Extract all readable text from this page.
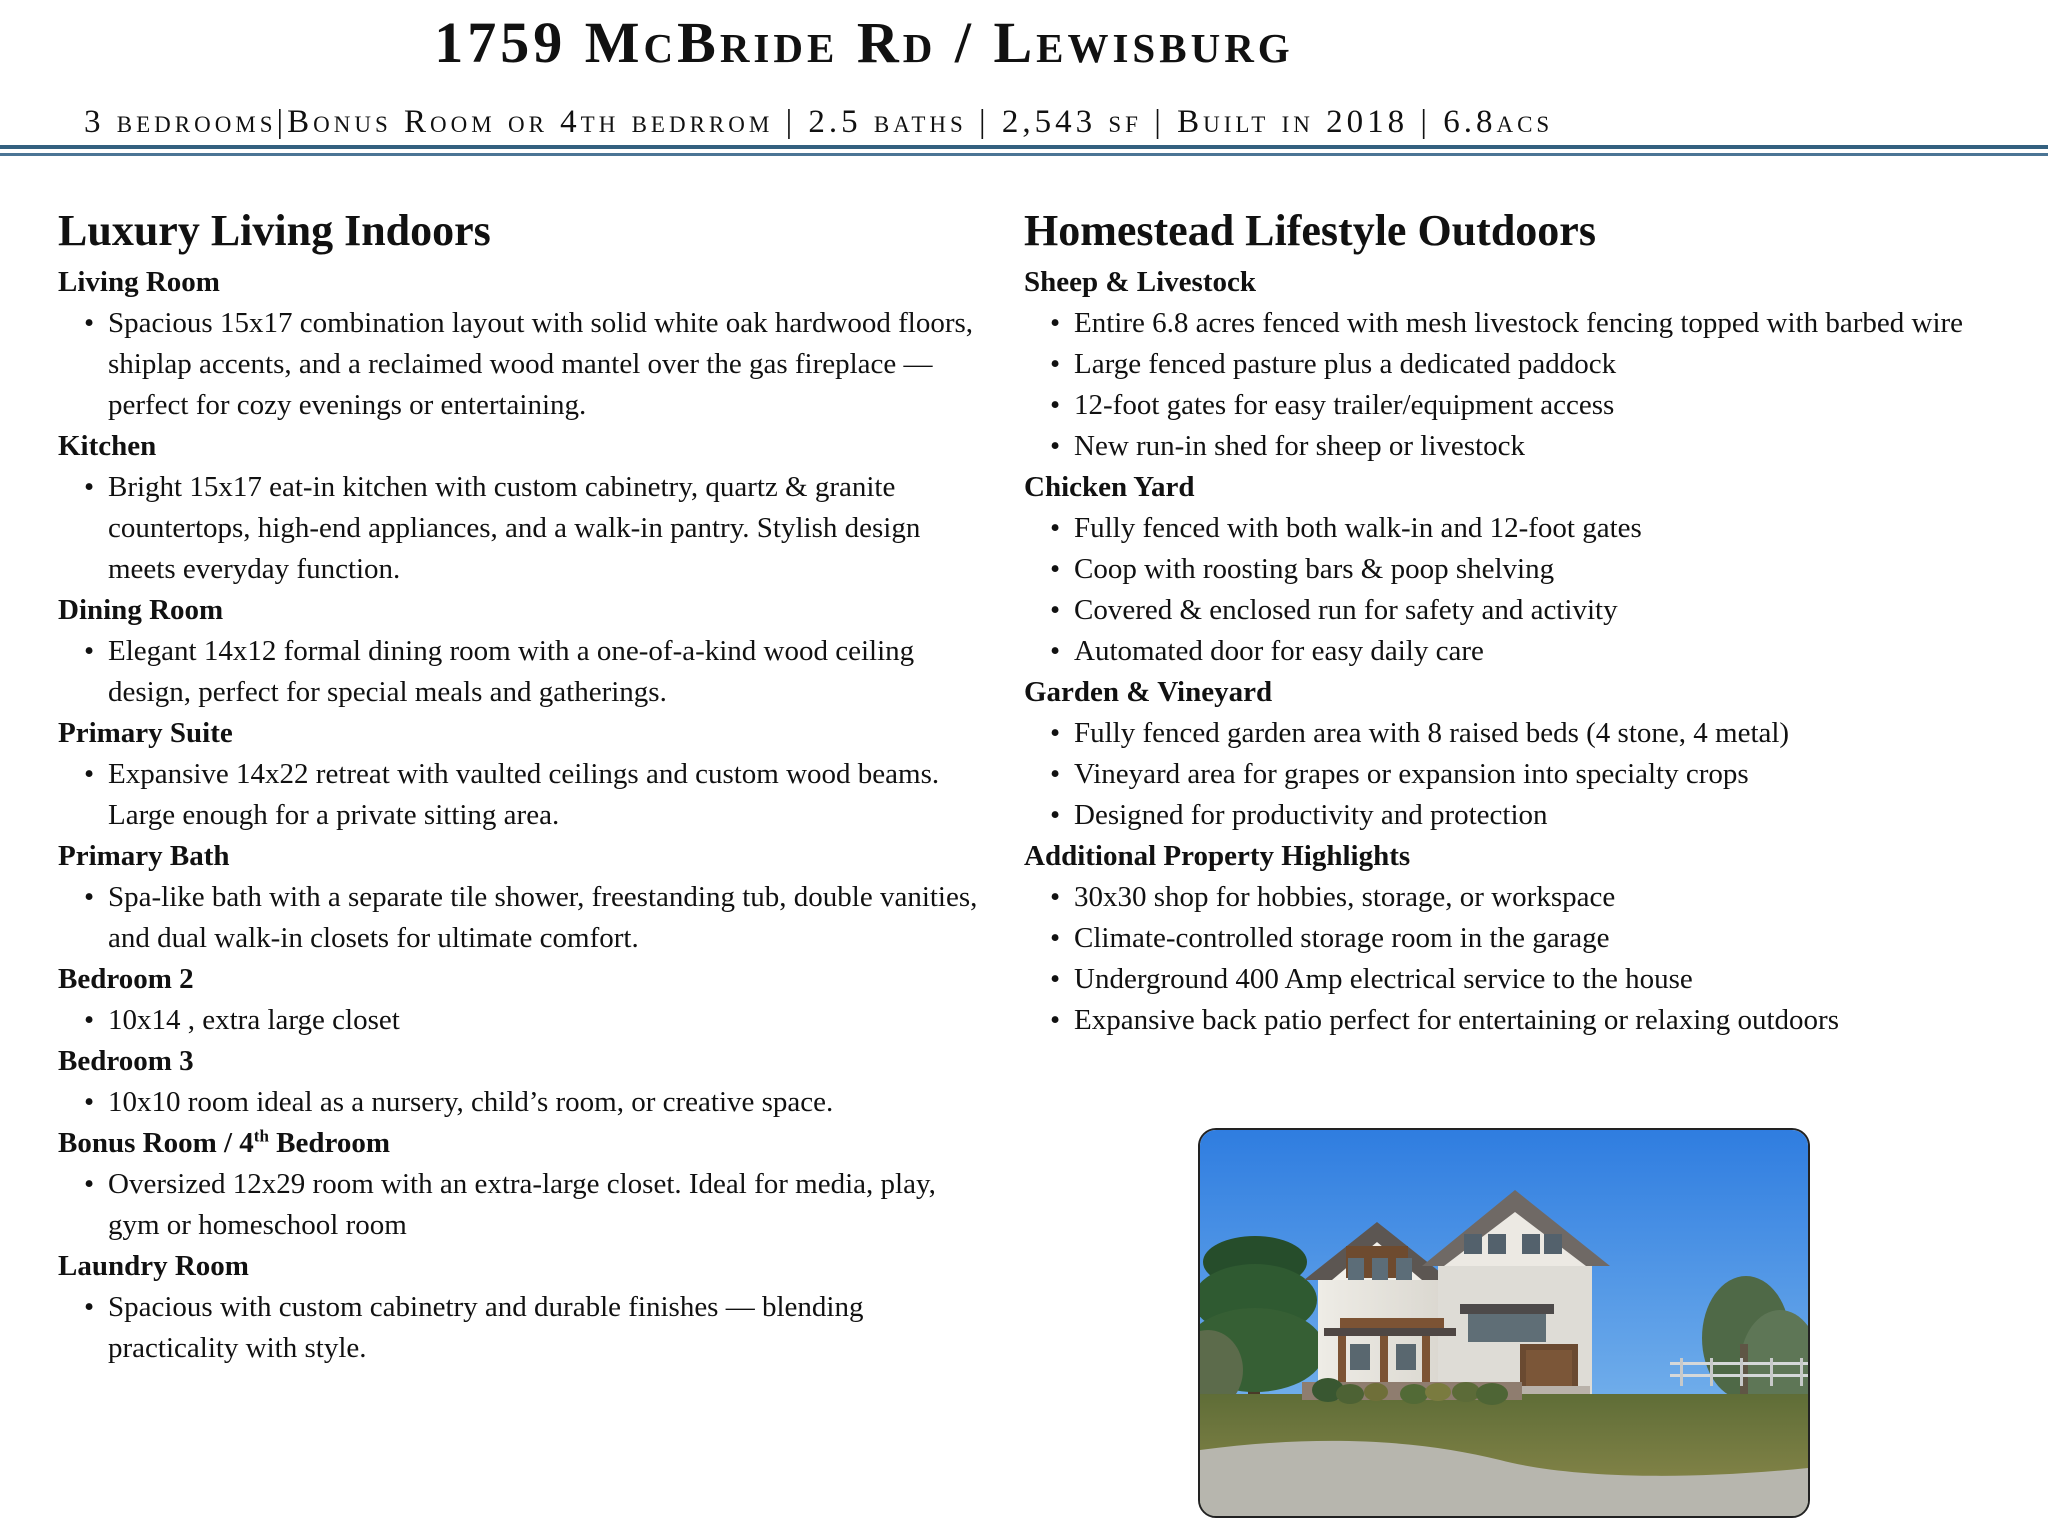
1759 McBride Rd / Lewisburg
3 bedrooms|Bonus Room or 4th bedrrom | 2.5 baths | 2,543 sf | Built in 2018 | 6.8acs
Luxury Living Indoors
Living Room
• Spacious 15x17 combination layout with solid white oak hardwood floors, shiplap accents, and a reclaimed wood mantel over the gas fireplace — perfect for cozy evenings or entertaining.
Kitchen
• Bright 15x17 eat-in kitchen with custom cabinetry, quartz & granite countertops, high-end appliances, and a walk-in pantry. Stylish design meets everyday function.
Dining Room
• Elegant 14x12 formal dining room with a one-of-a-kind wood ceiling design, perfect for special meals and gatherings.
Primary Suite
• Expansive 14x22 retreat with vaulted ceilings and custom wood beams. Large enough for a private sitting area.
Primary Bath
• Spa-like bath with a separate tile shower, freestanding tub, double vanities, and dual walk-in closets for ultimate comfort.
Bedroom 2
• 10x14 , extra large closet
Bedroom 3
• 10x10 room ideal as a nursery, child’s room, or creative space.
Bonus Room / 4th Bedroom
• Oversized 12x29 room with an extra-large closet. Ideal for media, play, gym or homeschool room
Laundry Room
• Spacious with custom cabinetry and durable finishes — blending practicality with style.
Homestead Lifestyle Outdoors
Sheep & Livestock
• Entire 6.8 acres fenced with mesh livestock fencing topped with barbed wire
• Large fenced pasture plus a dedicated paddock
• 12-foot gates for easy trailer/equipment access
• New run-in shed for sheep or livestock
Chicken Yard
• Fully fenced with both walk-in and 12-foot gates
• Coop with roosting bars & poop shelving
• Covered & enclosed run for safety and activity
• Automated door for easy daily care
Garden & Vineyard
• Fully fenced garden area with 8 raised beds (4 stone, 4 metal)
• Vineyard area for grapes or expansion into specialty crops
• Designed for productivity and protection
Additional Property Highlights
• 30x30 shop for hobbies, storage, or workspace
• Climate-controlled storage room in the garage
• Underground 400 Amp electrical service to the house
• Expansive back patio perfect for entertaining or relaxing outdoors
